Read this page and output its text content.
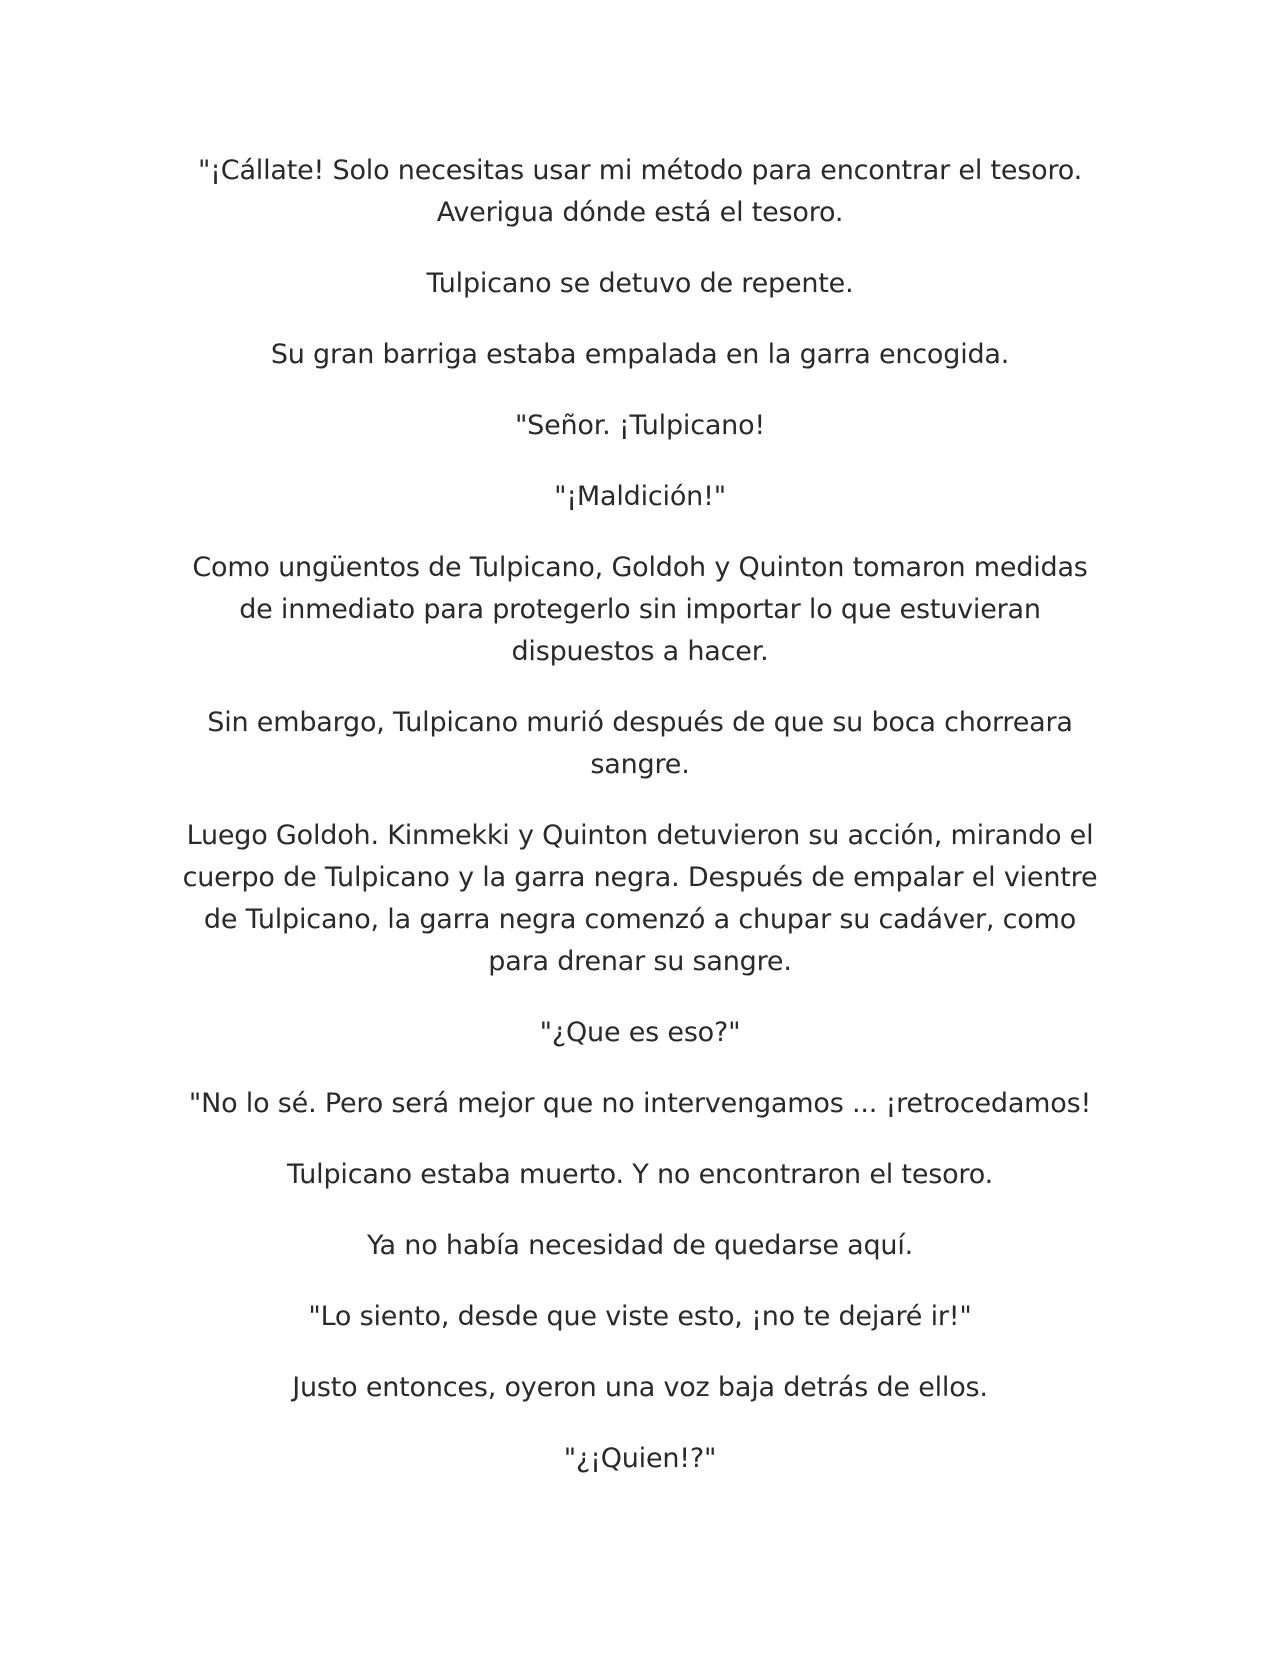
"¡Cállate! Solo necesitas usar mi método para encontrar el tesoro. Averigua dónde está el tesoro.

Tulpicano se detuvo de repente.

Su gran barriga estaba empalada en la garra encogida.

"Señor. ¡Tulpicano!

"¡Maldición!"

Como ungüentos de Tulpicano, Goldoh y Quinton tomaron medidas de inmediato para protegerlo sin importar lo que estuvieran dispuestos a hacer.

Sin embargo, Tulpicano murió después de que su boca chorreara sangre.

Luego Goldoh. Kinmekki y Quinton detuvieron su acción, mirando el cuerpo de Tulpicano y la garra negra. Después de empalar el vientre de Tulpicano, la garra negra comenzó a chupar su cadáver, como para drenar su sangre.

"¿Que es eso?"

"No lo sé. Pero será mejor que no intervengamos ... ¡retrocedamos!

Tulpicano estaba muerto. Y no encontraron el tesoro.

Ya no había necesidad de quedarse aquí.

"Lo siento, desde que viste esto, ¡no te dejaré ir!"

Justo entonces, oyeron una voz baja detrás de ellos.

"¿¡Quien!?"
